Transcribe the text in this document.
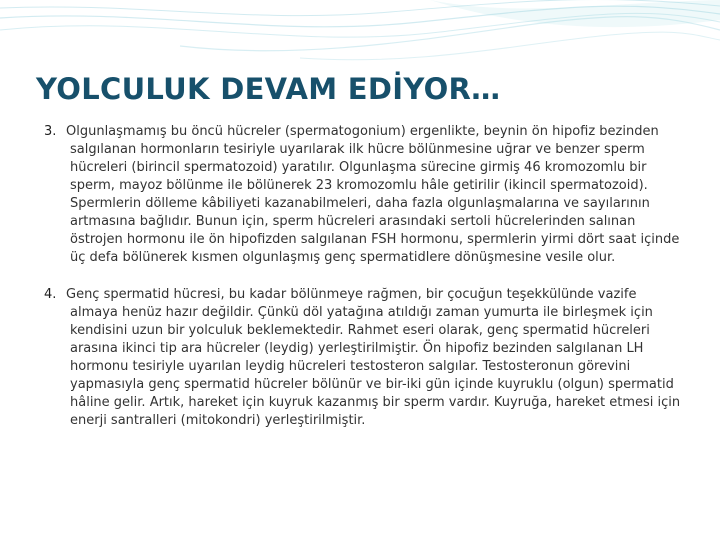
YOLCULUK DEVAM EDİYOR…

3. Olgunlaşmamış bu öncü hücreler (spermatogonium) ergenlikte, beynin ön hipofiz bezinden salgılanan hormonların tesiriyle uyarılarak ilk hücre bölünmesine uğrar ve benzer sperm hücreleri (birincil spermatozoid) yaratılır. Olgunlaşma sürecine girmiş 46 kromozomlu bir sperm, mayoz bölünme ile bölünerek 23 kromozomlu hâle getirilir (ikincil spermatozoid). Spermlerin dölleme kâbiliyeti kazanabilmeleri, daha fazla olgunlaşmalarına ve sayılarının artmasına bağlıdır. Bunun için, sperm hücreleri arasındaki sertoli hücrelerinden salınan östrojen hormonu ile ön hipofizden salgılanan FSH hormonu, spermlerin yirmi dört saat içinde üç defa bölünerek kısmen olgunlaşmış genç spermatidlere dönüşmesine vesile olur.

4. Genç spermatid hücresi, bu kadar bölünmeye rağmen, bir çocuğun teşekkülünde vazife almaya henüz hazır değildir. Çünkü döl yatağına atıldığı zaman yumurta ile birleşmek için kendisini uzun bir yolculuk beklemektedir. Rahmet eseri olarak, genç spermatid hücreleri arasına ikinci tip ara hücreler (leydig) yerleştirilmiştir. Ön hipofiz bezinden salgılanan LH hormonu tesiriyle uyarılan leydig hücreleri testosteron salgılar. Testosteronun görevini yapmasıyla genç spermatid hücreler bölünür ve bir-iki gün içinde kuyruklu (olgun) spermatid hâline gelir. Artık, hareket için kuyruk kazanmış bir sperm vardır. Kuyruğa, hareket etmesi için enerji santralleri (mitokondri) yerleştirilmiştir.
